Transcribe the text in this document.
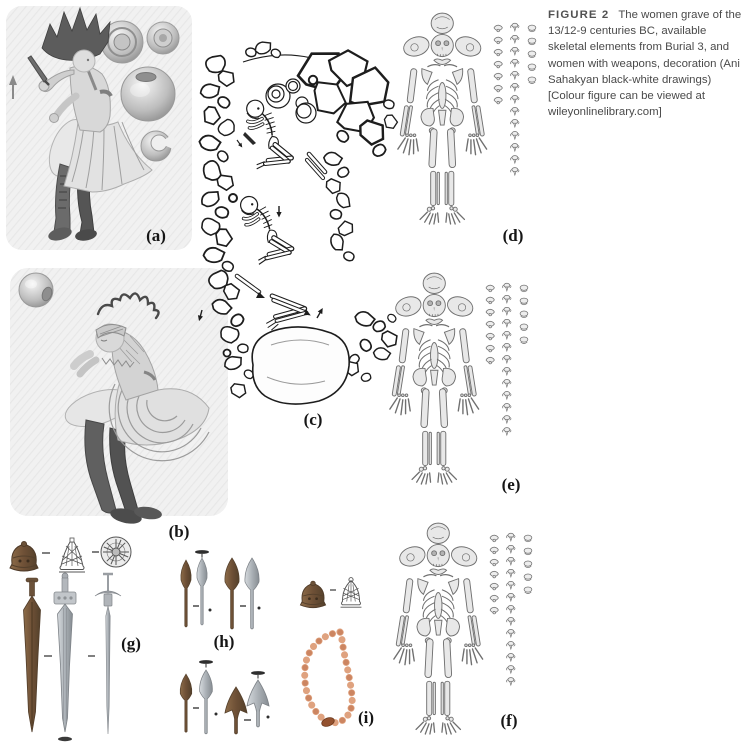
(a)
(b)
(c)
(d)
(e)
(f)
(g)	(h)
(i)
FIGURE 2 The women grave of the 13/12-9 centuries BC, available skeletal elements from Burial 3, and women with weapons, decoration (Ani Sahakyan black-white drawings) [Colour figure can be viewed at wileyonlinelibrary.com]
